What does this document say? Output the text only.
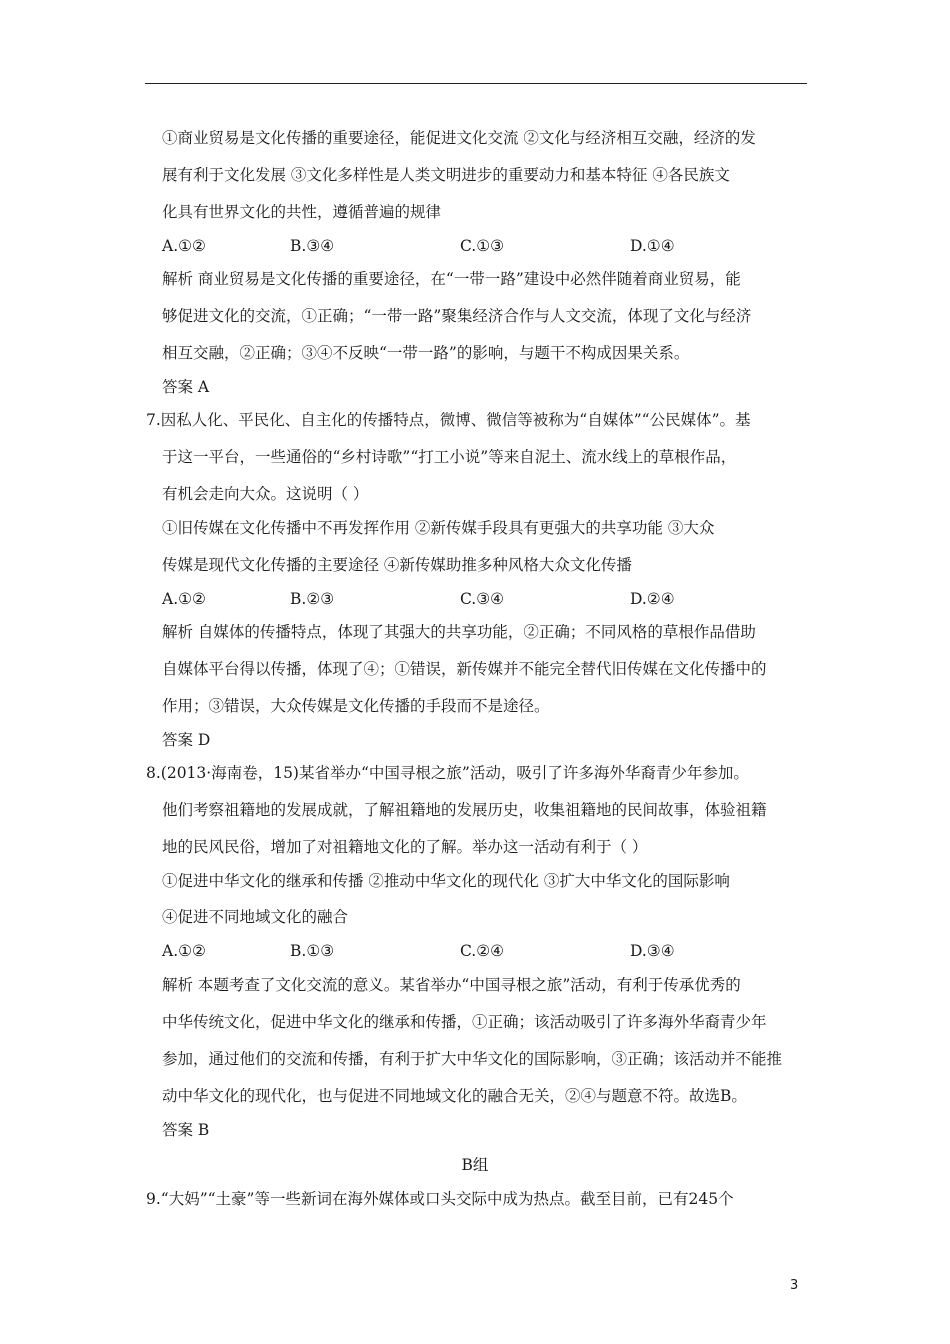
①商业贸易是文化传播的重要途径，能促进文化交流 ②文化与经济相互交融，经济的发
展有利于文化发展 ③文化多样性是人类文明进步的重要动力和基本特征 ④各民族文
化具有世界文化的共性，遵循普遍的规律
A.①②	B.③④	C.①③	D.①④
解析 商业贸易是文化传播的重要途径，在“一带一路”建设中必然伴随着商业贸易，能
够促进文化的交流，①正确；“一带一路”聚集经济合作与人文交流，体现了文化与经济
相互交融，②正确；③④不反映“一带一路”的影响，与题干不构成因果关系。
答案 A
7.因私人化、平民化、自主化的传播特点，微博、微信等被称为“自媒体”“公民媒体”。基
于这一平台，一些通俗的“乡村诗歌”“打工小说”等来自泥土、流水线上的草根作品，
有机会走向大众。这说明（ ）
①旧传媒在文化传播中不再发挥作用 ②新传媒手段具有更强大的共享功能 ③大众
传媒是现代文化传播的主要途径 ④新传媒助推多种风格大众文化传播
A.①②	B.②③	C.③④	D.②④
解析 自媒体的传播特点，体现了其强大的共享功能，②正确；不同风格的草根作品借助
自媒体平台得以传播，体现了④；①错误，新传媒并不能完全替代旧传媒在文化传播中的
作用；③错误，大众传媒是文化传播的手段而不是途径。
答案 D
8.(2013·海南卷，15)某省举办“中国寻根之旅”活动，吸引了许多海外华裔青少年参加。
他们考察祖籍地的发展成就，了解祖籍地的发展历史，收集祖籍地的民间故事，体验祖籍
地的民风民俗，增加了对祖籍地文化的了解。举办这一活动有利于（ ）
①促进中华文化的继承和传播 ②推动中华文化的现代化 ③扩大中华文化的国际影响
④促进不同地域文化的融合
A.①②	B.①③	C.②④	D.③④
解析 本题考查了文化交流的意义。某省举办“中国寻根之旅”活动，有利于传承优秀的
中华传统文化，促进中华文化的继承和传播，①正确；该活动吸引了许多海外华裔青少年
参加，通过他们的交流和传播，有利于扩大中华文化的国际影响，③正确；该活动并不能推
动中华文化的现代化，也与促进不同地域文化的融合无关，②④与题意不符。故选B。
答案 B
B组
9.“大妈”“土豪”等一些新词在海外媒体或口头交际中成为热点。截至目前，已有245个
3
